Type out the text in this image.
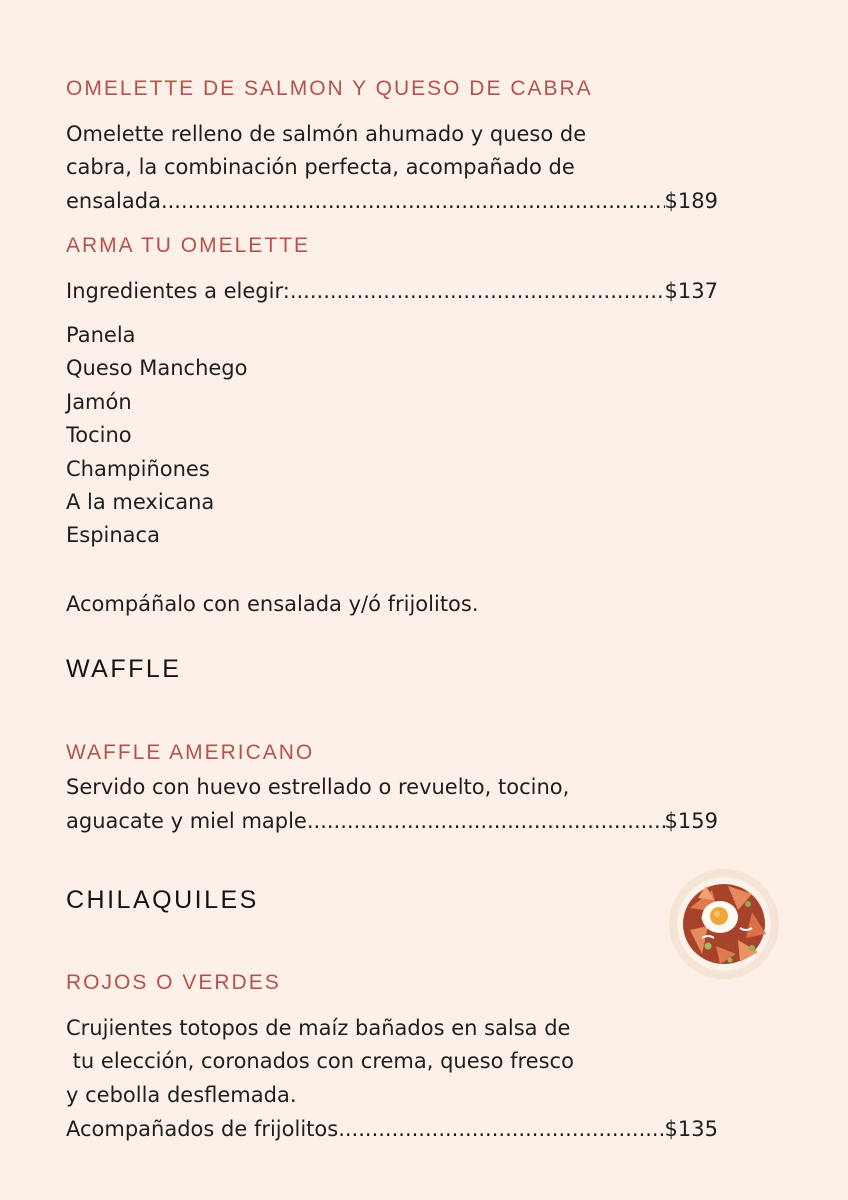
OMELETTE DE SALMON Y QUESO DE CABRA
Omelette relleno de salmón ahumado y queso de
cabra, la combinación perfecta, acompañado de
ensalada .....	$189
ARMA TU OMELETTE
Ingredientes a elegir: .....	$137
Panela
Queso Manchego
Jamón
Tocino
Champiñones
A la mexicana
Espinaca
Acompáñalo con ensalada y/ó frijolitos.
WAFFLE
WAFFLE AMERICANO
Servido con huevo estrellado o revuelto, tocino,
aguacate y miel maple .....	$159
CHILAQUILES
ROJOS O VERDES
Crujientes totopos de maíz bañados en salsa de
tu elección, coronados con crema, queso fresco
y cebolla desflemada.
Acompañados de frijolitos .....	$135
